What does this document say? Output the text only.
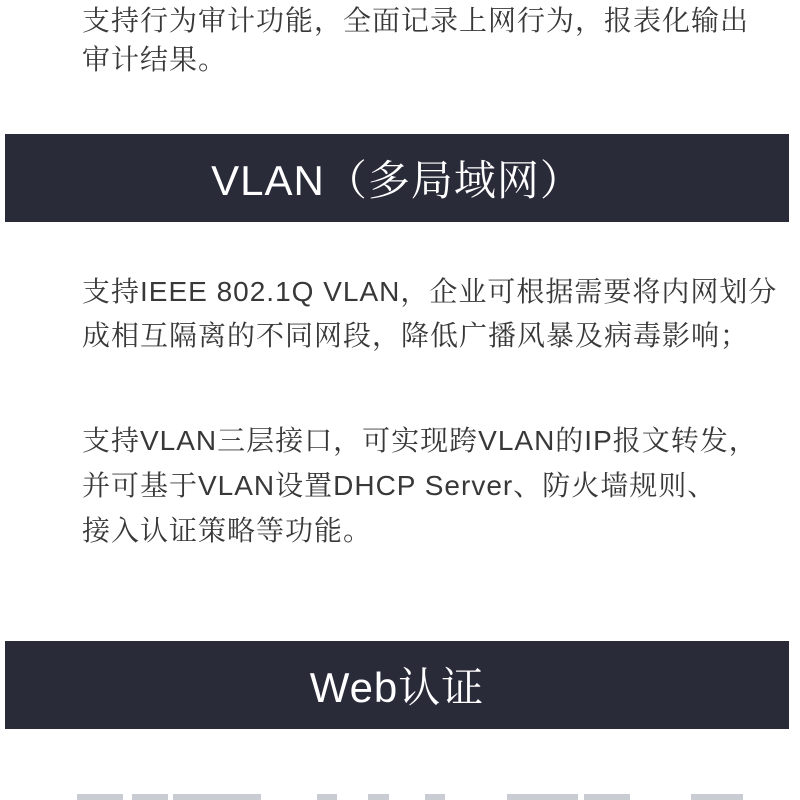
支持行为审计功能，全面记录上网行为，报表化输出
审计结果。
VLAN（多局域网）
支持IEEE 802.1Q VLAN，企业可根据需要将内网划分
成相互隔离的不同网段，降低广播风暴及病毒影响；
支持VLAN三层接口，可实现跨VLAN的IP报文转发，
并可基于VLAN设置DHCP Server、防火墙规则、
接入认证策略等功能。
Web认证
